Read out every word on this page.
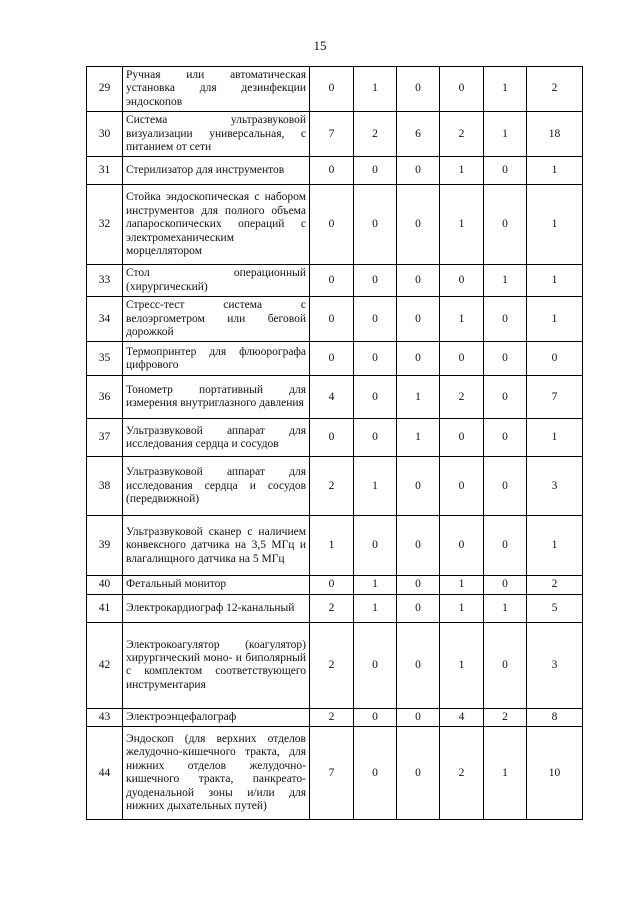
15
29	Ручная или автоматическая установка для дезинфекции эндоскопов	0	1	0	0	1	2
30	Система ультразвуковой визуализации универсальная, с питанием от сети	7	2	6	2	1	18
31	Стерилизатор для инструментов	0	0	0	1	0	1
32	Стойка эндоскопическая с набором инструментов для полного объема лапароскопических операций с электромеханическим морцеллятором	0	0	0	1	0	1
33	Стол операционный (хирургический)	0	0	0	0	1	1
34	Стресс-тест система с велоэргометром или беговой дорожкой	0	0	0	1	0	1
35	Термопринтер для флюорографа цифрового	0	0	0	0	0	0
36	Тонометр портативный для измерения внутриглазного давления	4	0	1	2	0	7
37	Ультразвуковой аппарат для исследования сердца и сосудов	0	0	1	0	0	1
38	Ультразвуковой аппарат для исследования сердца и сосудов (передвижной)	2	1	0	0	0	3
39	Ультразвуковой сканер с наличием конвексного датчика на 3,5 МГц и влагалищного датчика на 5 МГц	1	0	0	0	0	1
40	Фетальный монитор	0	1	0	1	0	2
41	Электрокардиограф 12-канальный	2	1	0	1	1	5
42	Электрокоагулятор (коагулятор) хирургический моно- и биполярный с комплектом соответствующего инструментария	2	0	0	1	0	3
43	Электроэнцефалограф	2	0	0	4	2	8
44	Эндоскоп (для верхних отделов желудочно-кишечного тракта, для нижних отделов желудочно-кишечного тракта, панкреато-дуоденальной зоны и/или для нижних дыхательных путей)	7	0	0	2	1	10
